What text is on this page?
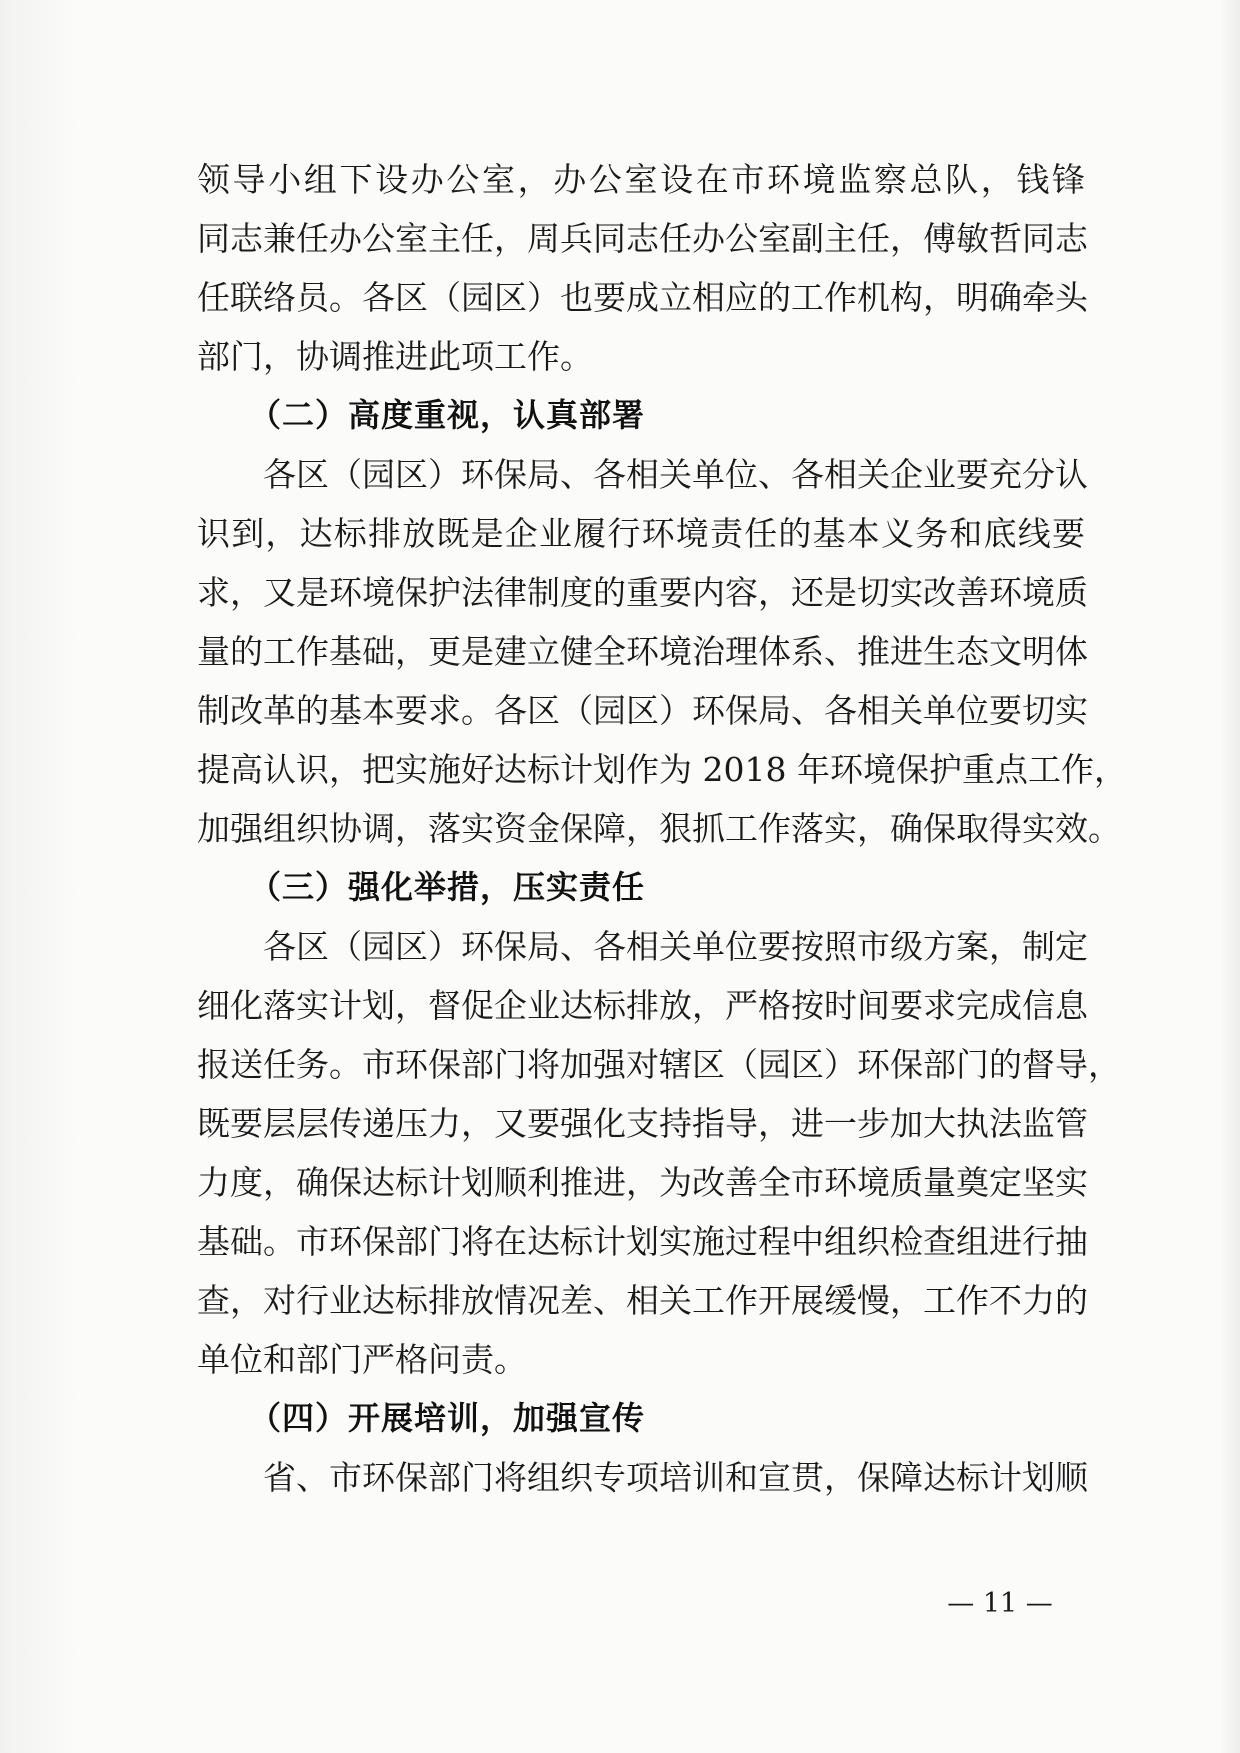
领导小组下设办公室，办公室设在市环境监察总队，钱锋
同志兼任办公室主任，周兵同志任办公室副主任，傅敏哲同志
任联络员。各区（园区）也要成立相应的工作机构，明确牵头
部门，协调推进此项工作。
（二）高度重视，认真部署
各区（园区）环保局、各相关单位、各相关企业要充分认
识到，达标排放既是企业履行环境责任的基本义务和底线要
求，又是环境保护法律制度的重要内容，还是切实改善环境质
量的工作基础，更是建立健全环境治理体系、推进生态文明体
制改革的基本要求。各区（园区）环保局、各相关单位要切实
提高认识，把实施好达标计划作为 2018 年环境保护重点工作，
加强组织协调，落实资金保障，狠抓工作落实，确保取得实效。
（三）强化举措，压实责任
各区（园区）环保局、各相关单位要按照市级方案，制定
细化落实计划，督促企业达标排放，严格按时间要求完成信息
报送任务。市环保部门将加强对辖区（园区）环保部门的督导，
既要层层传递压力，又要强化支持指导，进一步加大执法监管
力度，确保达标计划顺利推进，为改善全市环境质量奠定坚实
基础。市环保部门将在达标计划实施过程中组织检查组进行抽
查，对行业达标排放情况差、相关工作开展缓慢，工作不力的
单位和部门严格问责。
（四）开展培训，加强宣传
省、市环保部门将组织专项培训和宣贯，保障达标计划顺
— 11 —
